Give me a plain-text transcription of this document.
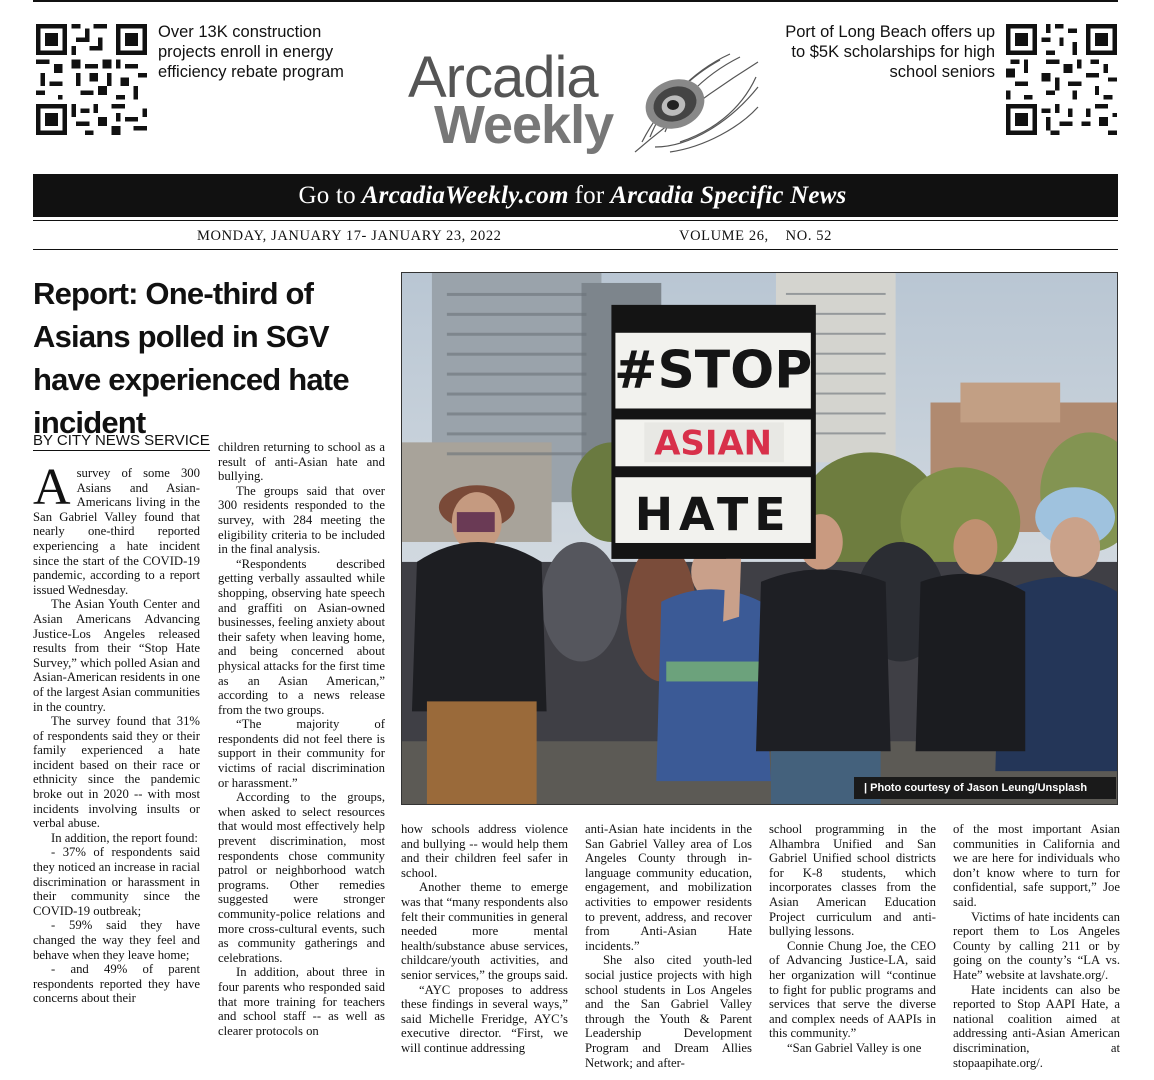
Over 13K construction projects enroll in energy efficiency rebate program
Port of Long Beach offers up to $5K scholarships for high school seniors
Arcadia
Weekly
Go to ArcadiaWeekly.com for Arcadia Specific News
MONDAY, JANUARY 17- JANUARY 23, 2022	VOLUME 26,    NO. 52
Report: One-third of Asians polled in SGV have experienced hate incident
BY CITY NEWS SERVICE

Asurvey of some 300 Asians and Asian-Americans living in the San Gabriel Valley found that nearly one-third reported experiencing a hate incident since the start of the COVID-19 pandemic, according to a report issued Wednesday.

The Asian Youth Center and Asian Americans Advancing Justice-Los Angeles released results from their “Stop Hate Survey,” which polled Asian and Asian-American residents in one of the largest Asian communities in the country.

The survey found that 31% of respondents said they or their family experienced a hate incident based on their race or ethnicity since the pandemic broke out in 2020 -- with most incidents involving insults or verbal abuse.

In addition, the report found:

- 37% of respondents said they noticed an increase in racial discrimination or harassment in their community since the COVID-19 outbreak;

- 59% said they have changed the way they feel and behave when they leave home;

- and 49% of parent respondents reported they have concerns about their

children returning to school as a result of anti-Asian hate and bullying.

The groups said that over 300 residents responded to the survey, with 284 meeting the eligibility criteria to be included in the final analysis.

“Respondents described getting verbally assaulted while shopping, observing hate speech and graffiti on Asian-owned businesses, feeling anxiety about their safety when leaving home, and being concerned about physical attacks for the first time as an Asian American,” according to a news release from the two groups.

“The majority of respondents did not feel there is support in their community for victims of racial discrimination or harassment.”

According to the groups, when asked to select resources that would most effectively help prevent discrimination, most respondents chose community patrol or neighborhood watch programs. Other remedies suggested were stronger community-police relations and more cross-cultural events, such as community gatherings and celebrations.

In addition, about three in four parents who responded said that more training for teachers and school staff -- as well as clearer protocols on

#STOP
ASIAN
HATE
| Photo courtesy of Jason Leung/Unsplash

how schools address violence and bullying -- would help them and their children feel safer in school.

Another theme to emerge was that “many respondents also felt their communities in general needed more mental health/substance abuse services, childcare/youth activities, and senior services,” the groups said.

“AYC proposes to address these findings in several ways,” said Michelle Freridge, AYC’s executive director. “First, we will continue addressing

anti-Asian hate incidents in the San Gabriel Valley area of Los Angeles County through in-language community education, engagement, and mobilization activities to empower residents to prevent, address, and recover from Anti-Asian Hate incidents.”

She also cited youth-led social justice projects with high school students in Los Angeles and the San Gabriel Valley through the Youth & Parent Leadership Development Program and Dream Allies Network; and after-

school programming in the Alhambra Unified and San Gabriel Unified school districts for K-8 students, which incorporates classes from the Asian American Education Project curriculum and anti-bullying lessons.

Connie Chung Joe, the CEO of Advancing Justice-LA, said her organization will “continue to fight for public programs and services that serve the diverse and complex needs of AAPIs in this community.”

“San Gabriel Valley is one

of the most important Asian communities in California and we are here for individuals who don’t know where to turn for confidential, safe support,” Joe said.

Victims of hate incidents can report them to Los Angeles County by calling 211 or by going on the county’s “LA vs. Hate” website at lavshate.org/.

Hate incidents can also be reported to Stop AAPI Hate, a national coalition aimed at addressing anti-Asian American discrimination, at stopaapihate.org/.
